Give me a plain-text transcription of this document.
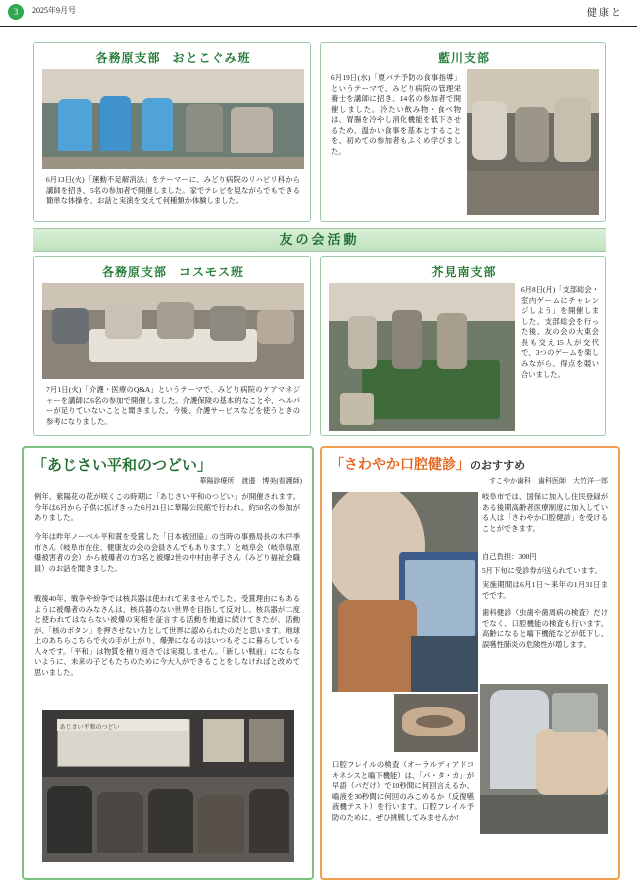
3	2025年9月号	健康と
各務原支部 おとこぐみ班
6月13日(火)「運動不足解消法」をテーマーに、みどり病院のリハビリ科から講師を招き、5名の参加者で開催しました。家でテレビを見ながらでもできる簡単な体操を、お話と実演を交えて何種類か体験しました。
藍川支部
6月19日(水)「夏バテ予防の食事指導」というテーマで、みどり病院の管理栄養士を講師に招き、14名の参加者で開催しました。冷たい飲み物・食べ物は、胃腸を冷やし消化機能を低下させるため、温かい食事を基本とすることを、初めての参加者もふくめ学びました。
友の会活動
各務原支部 コスモス班
7月1日(火)「介護・医療のQ&A」というテーマで、みどり病院のケアマネジャーを講師に6名の参加で開催しました。介護保険の基本的なことや、ヘルパーが足りていないことと聞きました。今後、介護サービスなどを使うときの参考になりました。
芥見南支部
6月8日(月)「支部総会・室内ゲームにチャレンジしよう」を開催しました。支部総会を行った後、友の会の大東会長も交え15人が交代で、3つのゲームを楽しみながら、得点を競い合いました。
「あじさい平和のつどい」
華陽診療所　渡邉　博美(看護師)
例年、紫陽花の花が咲くこの時期に「あじさい平和のつどい」が開催されます。今年は6月から子供に拡げきった6月21日に華陽公民館で行われ、約50名の参加がありました。
今年は昨年ノーベル平和賞を受賞した「日本被団協」の当時の事務局長の木戸季市さん（岐阜市在住、健康友の会の会員さんでもあります。）と岐阜会（岐阜県原爆被害者の会）から被爆者の方3名と被爆2世の中村由孝子さん（みどり福祉会職員）のお話を聞きました。
戦後40年、戦争や紛争では核兵器は使われて来ませんでした。受賞理由にもあるように被爆者のみなさんは、核兵器のない世界を目指して反対し、核兵器が二度と使われてはならない被爆の実相を証言する活動を地道に続けてきたが、活動が、「核のボタン」を押させない力として世界に認められたのだと思います。地球上のあちらこちらで火の手が上がり、爆弾になるのはいつもそこに暮らしている人々です。「平和」は物質を積り返さでは実現しません。「新しい戦前」にならないように、未来の子どもたちのために今大人ができることをしなければと改めて思いました。
あじさい平和のつどい
「さわやか口腔健診」のおすすめ
すこやか歯科　歯科医師　大竹洋一郎
岐阜市では、国保に加入し住民登録がある後期高齢者医療制度に加入している人は「さわやか口腔健診」を受けることができます。
自己負担：300円
5月下旬に受診券が送られています。
実施期間は6月1日～来年の1月31日までです。
歯科健診（虫歯や歯周病の検査）だけでなく、口腔機能の検査も行います。高齢になると嚙下機能などが低下し、誤嚥性肺炎の危険性が増します。
口腔フレイルの検査（オーラルディアドコキネシスと嚙下機能）は、「パ・タ・カ」が早語（パだけ）で10秒間に何回言えるか、嚙液を30秒間に何回のみこめるか（反復嚥液機テスト）を行います。口腔フレイル予防のために、ぜひ挑戦してみませんか!
